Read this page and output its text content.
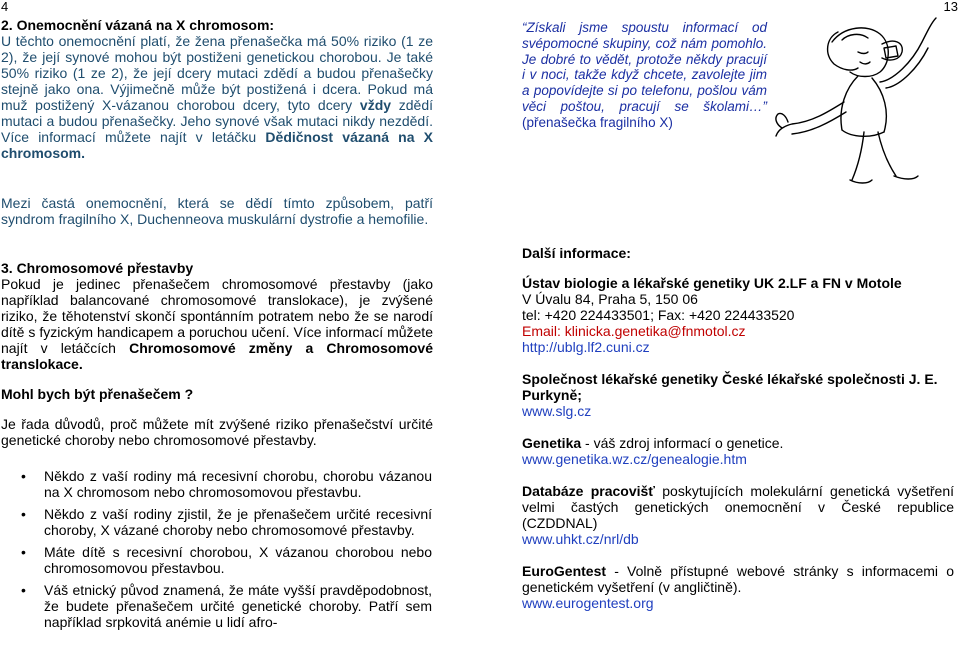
4	13

2. Onemocnění vázaná na X chromosom:

U těchto onemocnění platí, že žena přenašečka má 50% riziko (1 ze 2), že její synové mohou být postiženi genetickou chorobou. Je také 50% riziko (1 ze 2), že její dcery mutaci zdědí a budou přenašečky stejně jako ona. Výjimečně může být postižená i dcera. Pokud má muž postižený X-vázanou chorobou dcery, tyto dcery vždy zdědí mutaci a budou přenašečky. Jeho synové však mutaci nikdy nezdědí. Více informací můžete najít v letáčku Dědičnost vázaná na X chromosom.

Mezi častá onemocnění, která se dědí tímto způsobem, patří syndrom fragilního X, Duchenneova muskulární dystrofie a hemofilie.

3. Chromosomové přestavby

Pokud je jedinec přenašečem chromosomové přestavby (jako například balancované chromosomové translokace), je zvýšené riziko, že těhotenství skončí spontánním potratem nebo že se narodí dítě s fyzickým handicapem a poruchou učení. Více informací můžete najít v letáčcích Chromosomové změny a Chromosomové translokace.

Mohl bych být přenašečem ?

Je řada důvodů, proč můžete mít zvýšené riziko přenašečství určité genetické choroby nebo chromosomové přestavby.

• Někdo z vaší rodiny má recesivní chorobu, chorobu vázanou na X chromosom nebo chromosomovou přestavbu.
• Někdo z vaší rodiny zjistil, že je přenašečem určité recesivní choroby, X vázané choroby nebo chromosomové přestavby.
• Máte dítě s recesivní chorobou, X vázanou chorobou nebo chromosomovou přestavbou.
• Váš etnický původ znamená, že máte vyšší pravděpodobnost, že budete přenašečem určité genetické choroby. Patří sem například srpkovitá anémie u lidí afro-

“Získali jsme spoustu informací od svépomocné skupiny, což nám pomohlo. Je dobré to vědět, protože někdy pracují i v noci, takže když chcete, zavolejte jim a popovídejte si po telefonu, pošlou vám věci poštou, pracují se školami…” (přenašečka fragilního X)

Další informace:

Ústav biologie a lékařské genetiky UK 2.LF a FN v Motole

V Úvalu 84, Praha 5, 150 06

tel: +420 224433501; Fax: +420 224433520

Email: klinicka.genetika@fnmotol.cz

http://ublg.lf2.cuni.cz

Společnost lékařské genetiky České lékařské společnosti J. E. Purkyně;

www.slg.cz

Genetika - váš zdroj informací o genetice.

www.genetika.wz.cz/genealogie.htm

Databáze pracovišť poskytujících molekulární genetická vyšetření velmi častých genetických onemocnění v České republice (CZDDNAL)

www.uhkt.cz/nrl/db

EuroGentest - Volně přístupné webové stránky s informacemi o genetickém vyšetření (v angličtině).

www.eurogentest.org
